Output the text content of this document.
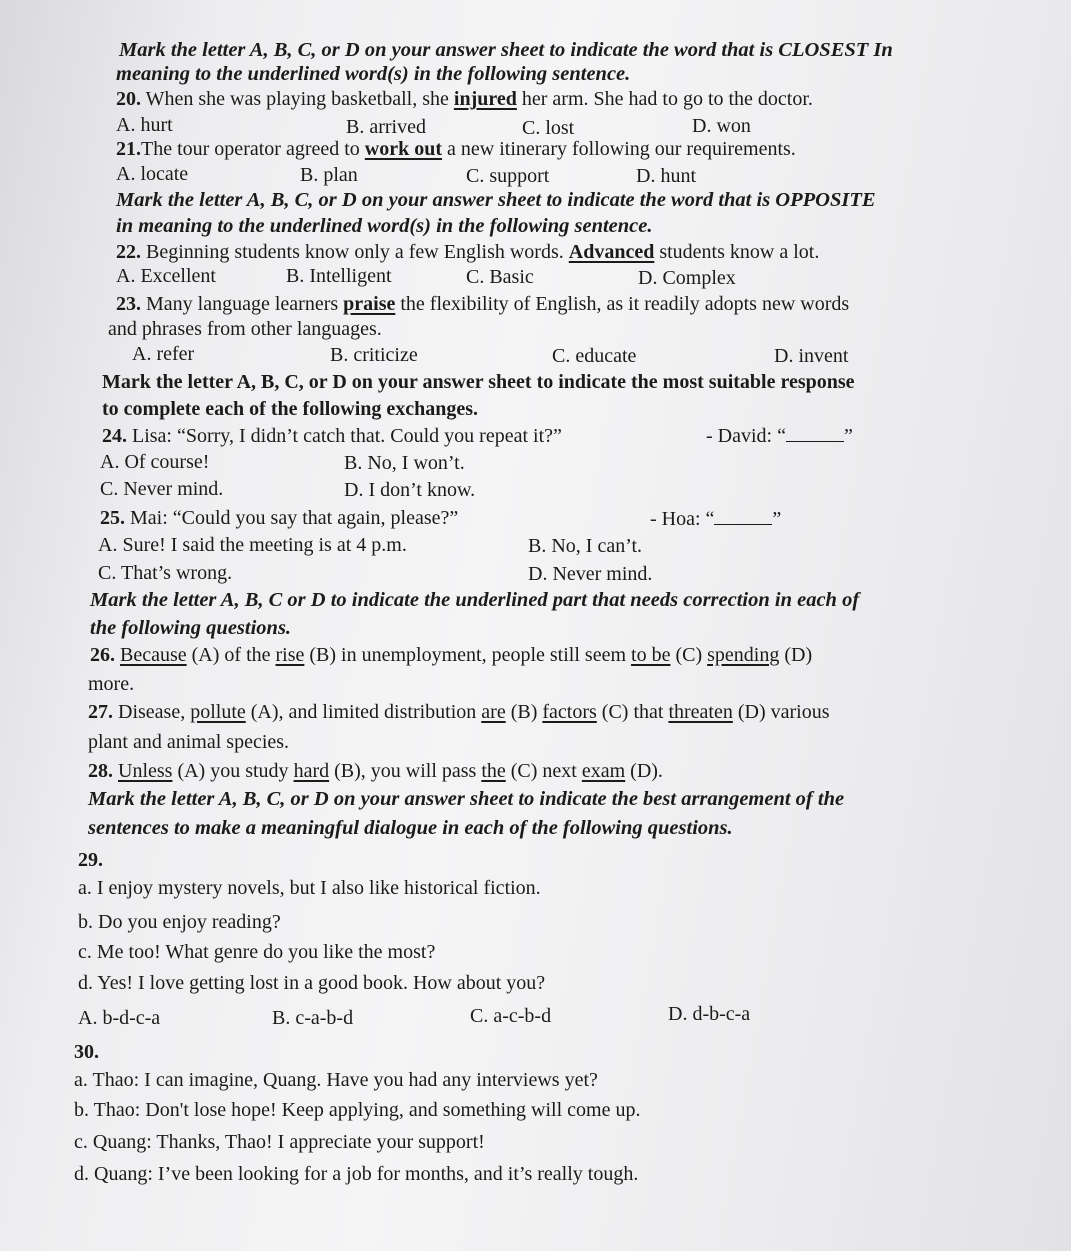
Mark the letter A, B, C, or D on your answer sheet to indicate the word that is CLOSEST In
meaning to the underlined word(s) in the following sentence.
20. When she was playing basketball, she injured her arm. She had to go to the doctor.
A. hurt	B. arrived	C. lost	D. won
21.The tour operator agreed to work out a new itinerary following our requirements.
A. locate	B. plan	C. support	D. hunt
Mark the letter A, B, C, or D on your answer sheet to indicate the word that is OPPOSITE
in meaning to the underlined word(s) in the following sentence.
22. Beginning students know only a few English words. Advanced students know a lot.
A. Excellent	B. Intelligent	C. Basic	D. Complex
23. Many language learners praise the flexibility of English, as it readily adopts new words
and phrases from other languages.
A. refer	B. criticize	C. educate	D. invent
Mark the letter A, B, C, or D on your answer sheet to indicate the most suitable response
to complete each of the following exchanges.
24. Lisa: “Sorry, I didn’t catch that. Could you repeat it?”	- David: “	”
A. Of course!	B. No, I won’t.
C. Never mind.	D. I don’t know.
25. Mai: “Could you say that again, please?”	- Hoa: “	”
A. Sure! I said the meeting is at 4 p.m.	B. No, I can’t.
C. That’s wrong.	D. Never mind.
Mark the letter A, B, C or D to indicate the underlined part that needs correction in each of
the following questions.
26. Because (A) of the rise (B) in unemployment, people still seem to be (C) spending (D)
more.
27. Disease, pollute (A), and limited distribution are (B) factors (C) that threaten (D) various
plant and animal species.
28. Unless (A) you study hard (B), you will pass the (C) next exam (D).
Mark the letter A, B, C, or D on your answer sheet to indicate the best arrangement of the
sentences to make a meaningful dialogue in each of the following questions.
29.
a. I enjoy mystery novels, but I also like historical fiction.
b. Do you enjoy reading?
c. Me too! What genre do you like the most?
d. Yes! I love getting lost in a good book. How about you?
A. b-d-c-a	B. c-a-b-d	C. a-c-b-d	D. d-b-c-a
30.
a. Thao: I can imagine, Quang. Have you had any interviews yet?
b. Thao: Don't lose hope! Keep applying, and something will come up.
c. Quang: Thanks, Thao! I appreciate your support!
d. Quang: I’ve been looking for a job for months, and it’s really tough.
